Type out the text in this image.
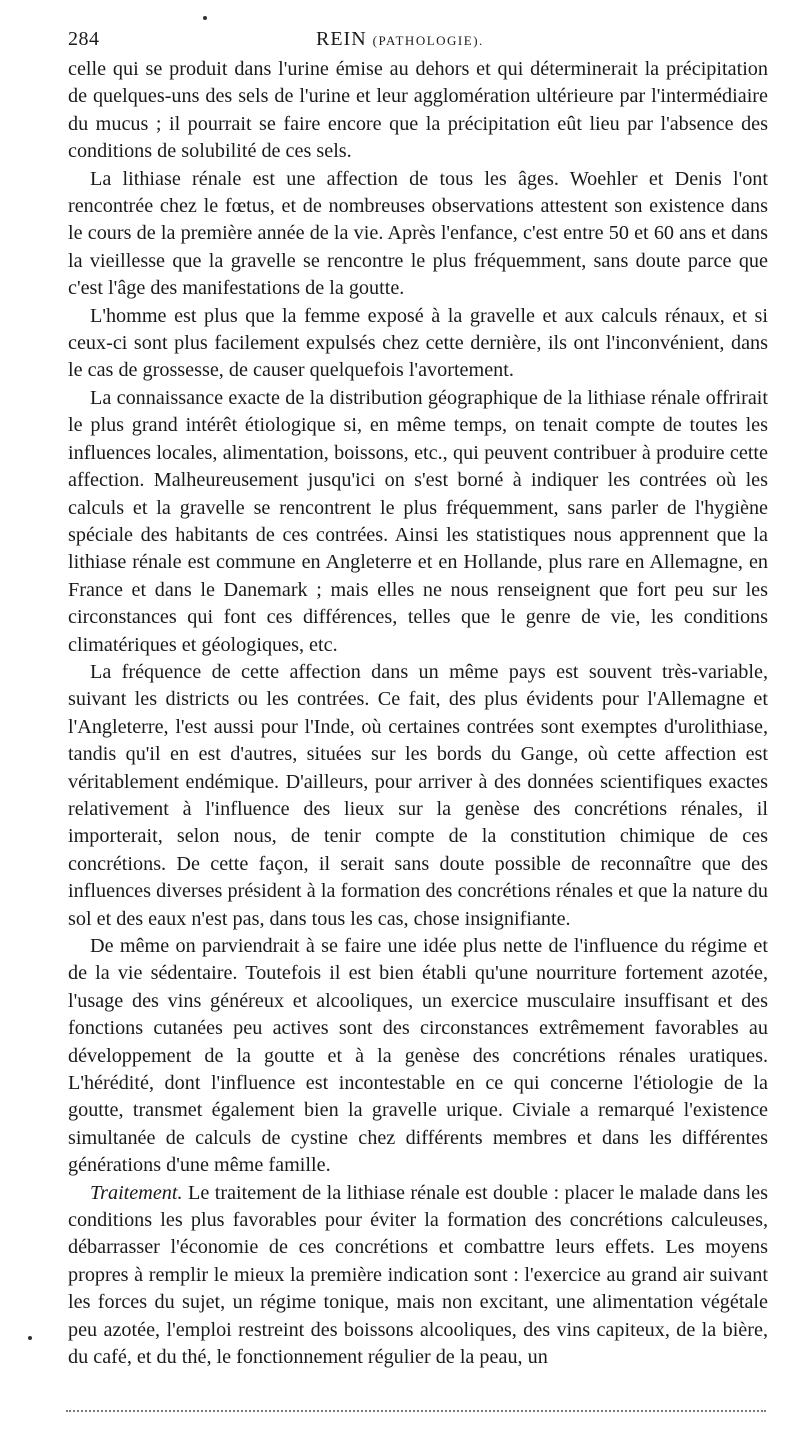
284	REIN (PATHOLOGIE).

celle qui se produit dans l'urine émise au dehors et qui déterminerait la précipitation de quelques-uns des sels de l'urine et leur agglomération ultérieure par l'intermédiaire du mucus ; il pourrait se faire encore que la précipitation eût lieu par l'absence des conditions de solubilité de ces sels.

La lithiase rénale est une affection de tous les âges. Woehler et Denis l'ont rencontrée chez le fœtus, et de nombreuses observations attestent son existence dans le cours de la première année de la vie. Après l'enfance, c'est entre 50 et 60 ans et dans la vieillesse que la gravelle se rencontre le plus fréquemment, sans doute parce que c'est l'âge des manifestations de la goutte.

L'homme est plus que la femme exposé à la gravelle et aux calculs rénaux, et si ceux-ci sont plus facilement expulsés chez cette dernière, ils ont l'inconvénient, dans le cas de grossesse, de causer quelquefois l'avortement.

La connaissance exacte de la distribution géographique de la lithiase rénale offrirait le plus grand intérêt étiologique si, en même temps, on tenait compte de toutes les influences locales, alimentation, boissons, etc., qui peuvent contribuer à produire cette affection. Malheureusement jusqu'ici on s'est borné à indiquer les contrées où les calculs et la gravelle se rencontrent le plus fréquemment, sans parler de l'hygiène spéciale des habitants de ces contrées. Ainsi les statistiques nous apprennent que la lithiase rénale est commune en Angleterre et en Hollande, plus rare en Allemagne, en France et dans le Danemark ; mais elles ne nous renseignent que fort peu sur les circonstances qui font ces différences, telles que le genre de vie, les conditions climatériques et géologiques, etc.

La fréquence de cette affection dans un même pays est souvent très-variable, suivant les districts ou les contrées. Ce fait, des plus évidents pour l'Allemagne et l'Angleterre, l'est aussi pour l'Inde, où certaines contrées sont exemptes d'urolithiase, tandis qu'il en est d'autres, situées sur les bords du Gange, où cette affection est véritablement endémique. D'ailleurs, pour arriver à des données scientifiques exactes relativement à l'influence des lieux sur la genèse des concrétions rénales, il importerait, selon nous, de tenir compte de la constitution chimique de ces concrétions. De cette façon, il serait sans doute possible de reconnaître que des influences diverses président à la formation des concrétions rénales et que la nature du sol et des eaux n'est pas, dans tous les cas, chose insignifiante.

De même on parviendrait à se faire une idée plus nette de l'influence du régime et de la vie sédentaire. Toutefois il est bien établi qu'une nourriture fortement azotée, l'usage des vins généreux et alcooliques, un exercice musculaire insuffisant et des fonctions cutanées peu actives sont des circonstances extrêmement favorables au développement de la goutte et à la genèse des concrétions rénales uratiques. L'hérédité, dont l'influence est incontestable en ce qui concerne l'étiologie de la goutte, transmet également bien la gravelle urique. Civiale a remarqué l'existence simultanée de calculs de cystine chez différents membres et dans les différentes générations d'une même famille.

Traitement. Le traitement de la lithiase rénale est double : placer le malade dans les conditions les plus favorables pour éviter la formation des concrétions calculeuses, débarrasser l'économie de ces concrétions et combattre leurs effets. Les moyens propres à remplir le mieux la première indication sont : l'exercice au grand air suivant les forces du sujet, un régime tonique, mais non excitant, une alimentation végétale peu azotée, l'emploi restreint des boissons alcooliques, des vins capiteux, de la bière, du café, et du thé, le fonctionnement régulier de la peau, un
